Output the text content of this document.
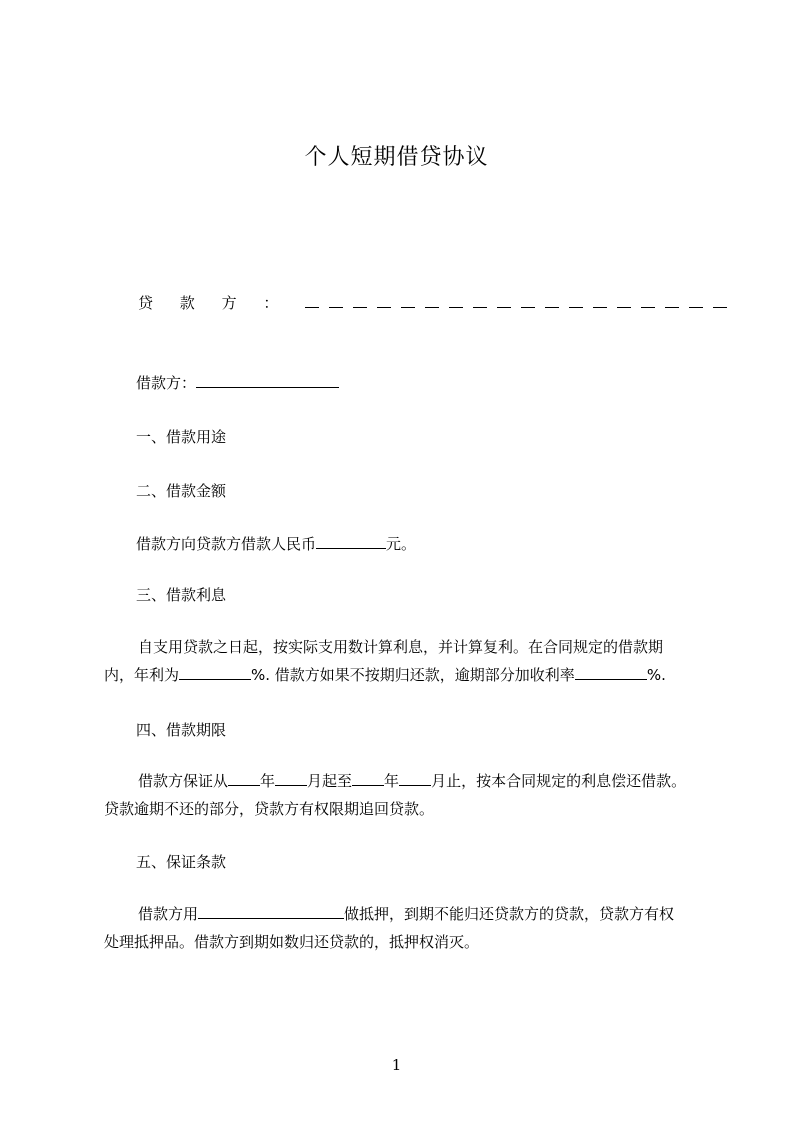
个人短期借贷协议
贷 款 方 ：
借款方：
一、借款用途
二、借款金额
借款方向贷款方借款人民币	元。
三、借款利息
自支用贷款之日起，按实际支用数计算利息，并计算复利。在合同规定的借款期
内，年利为	%. 借款方如果不按期归还款，逾期部分加收利率	%.
四、借款期限
借款方保证从 年 月起至 年 月止，按本合同规定的利息偿还借款。
贷款逾期不还的部分，贷款方有权限期追回贷款。
五、保证条款
借款方用	做抵押，到期不能归还贷款方的贷款，贷款方有权
处理抵押品。借款方到期如数归还贷款的，抵押权消灭。
1
